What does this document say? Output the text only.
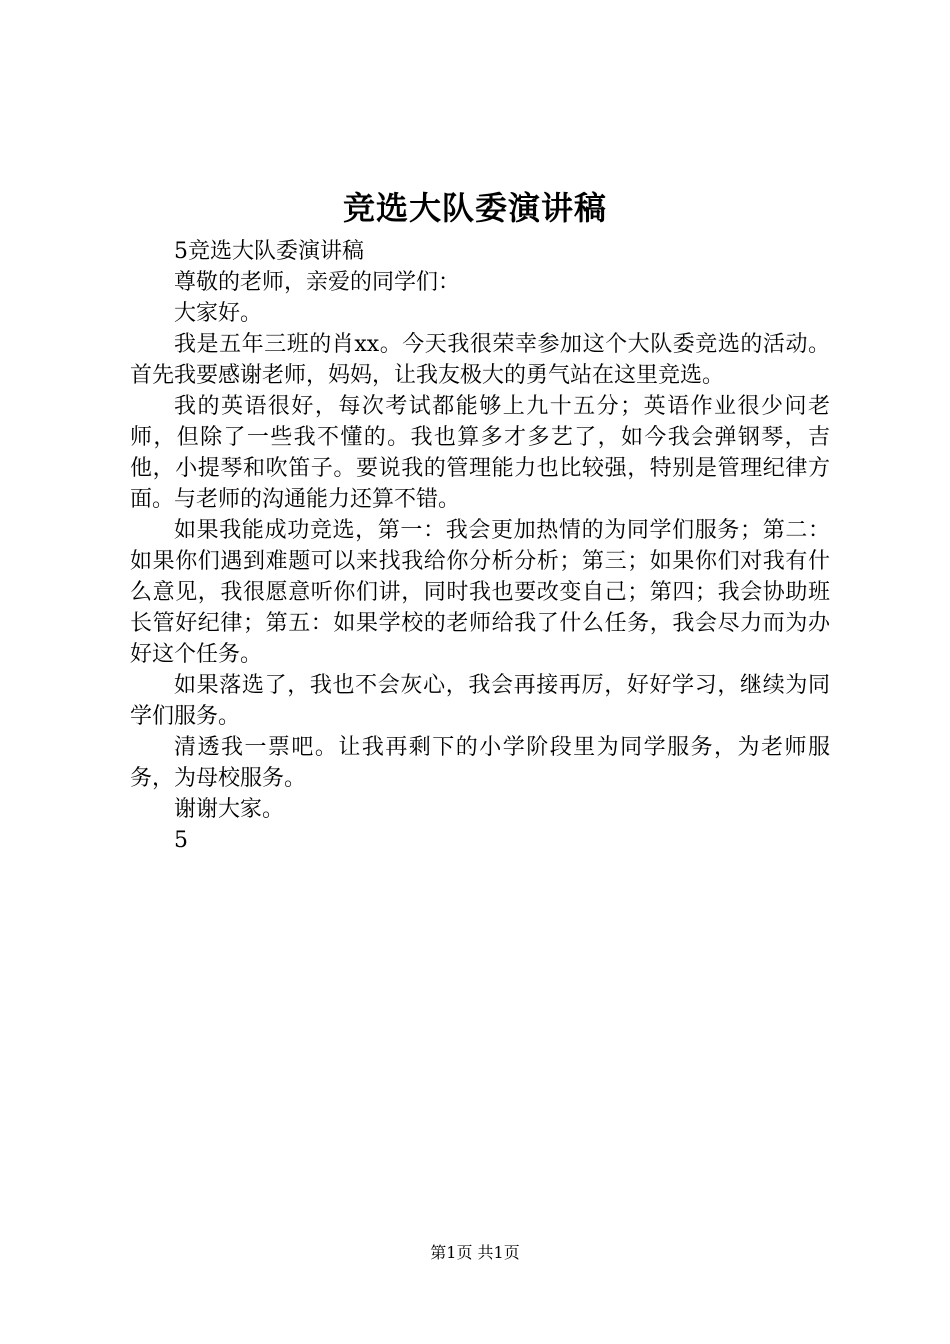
竞选大队委演讲稿

5竞选大队委演讲稿

尊敬的老师，亲爱的同学们：

大家好。

我是五年三班的肖xx。今天我很荣幸参加这个大队委竞选的活动。首先我要感谢老师，妈妈，让我友极大的勇气站在这里竞选。

我的英语很好，每次考试都能够上九十五分；英语作业很少问老师，但除了一些我不懂的。我也算多才多艺了，如今我会弹钢琴，吉他，小提琴和吹笛子。要说我的管理能力也比较强，特别是管理纪律方面。与老师的沟通能力还算不错。

如果我能成功竞选，第一：我会更加热情的为同学们服务；第二：如果你们遇到难题可以来找我给你分析分析；第三；如果你们对我有什么意见，我很愿意听你们讲，同时我也要改变自己；第四；我会协助班长管好纪律；第五：如果学校的老师给我了什么任务，我会尽力而为办好这个任务。

如果落选了，我也不会灰心，我会再接再厉，好好学习，继续为同学们服务。

清透我一票吧。让我再剩下的小学阶段里为同学服务，为老师服务，为母校服务。

谢谢大家。

5

第1页 共1页
